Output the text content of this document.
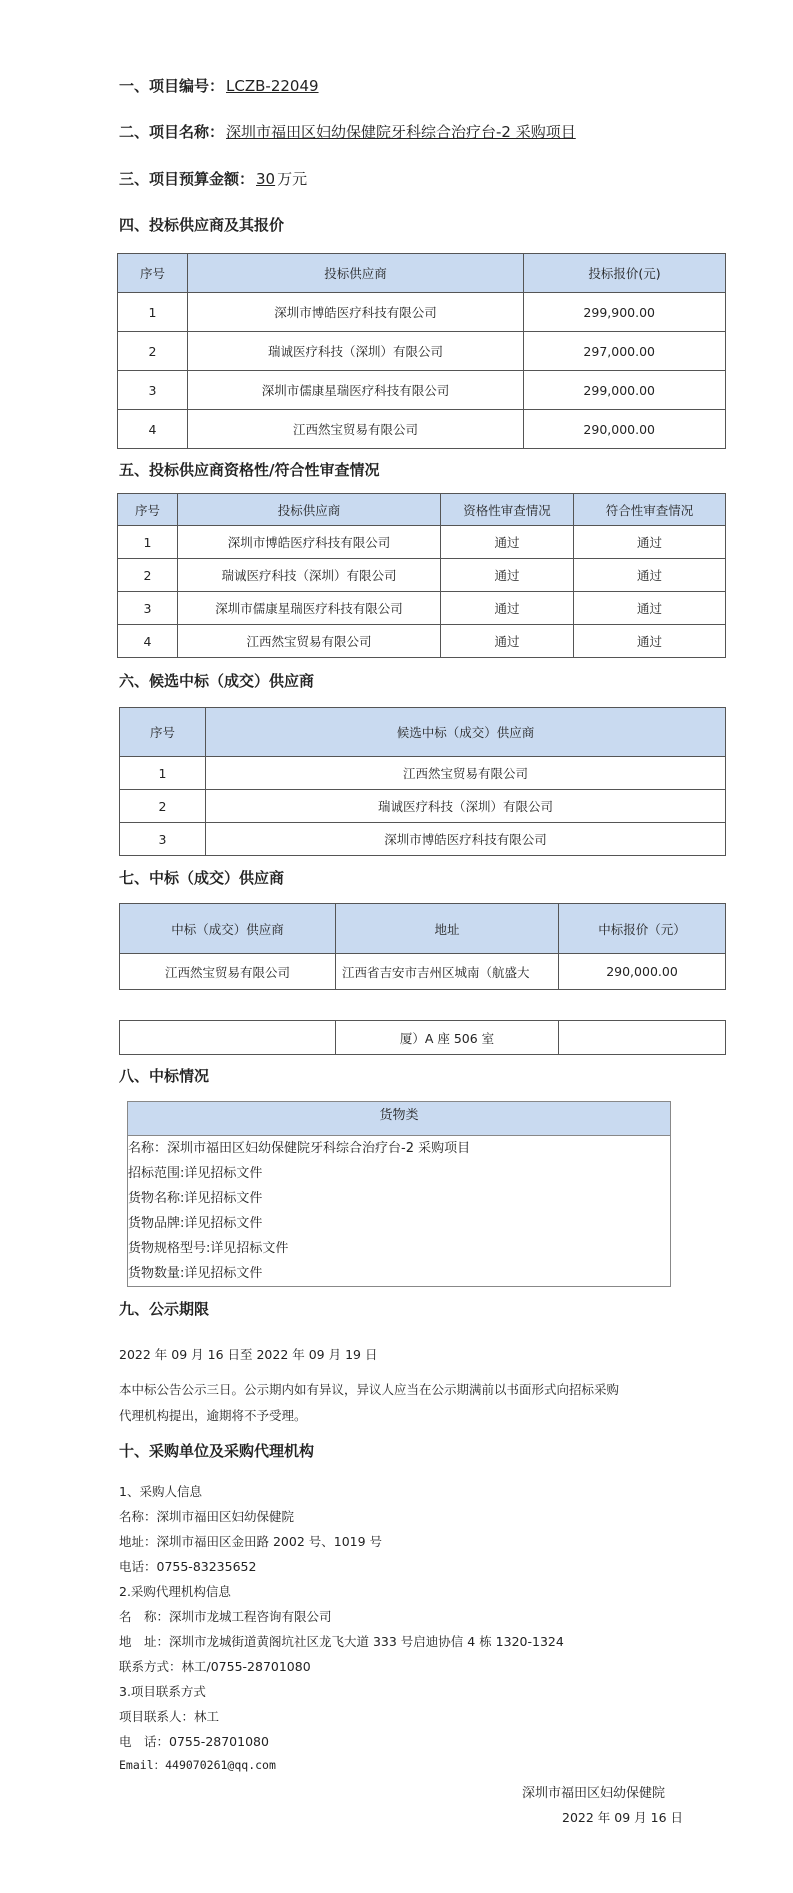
一、项目编号： LCZB-22049
二、项目名称： 深圳市福田区妇幼保健院牙科综合治疗台-2 采购项目
三、项目预算金额： 30 万元
四、投标供应商及其报价
序号	投标供应商	投标报价(元)
1	深圳市博皓医疗科技有限公司	299,900.00
2	瑞诚医疗科技（深圳）有限公司	297,000.00
3	深圳市儒康星瑞医疗科技有限公司	299,000.00
4	江西然宝贸易有限公司	290,000.00
五、投标供应商资格性/符合性审查情况
序号	投标供应商	资格性审查情况	符合性审查情况
1	深圳市博皓医疗科技有限公司	通过	通过
2	瑞诚医疗科技（深圳）有限公司	通过	通过
3	深圳市儒康星瑞医疗科技有限公司	通过	通过
4	江西然宝贸易有限公司	通过	通过
六、候选中标（成交）供应商
序号	候选中标（成交）供应商
1	江西然宝贸易有限公司
2	瑞诚医疗科技（深圳）有限公司
3	深圳市博皓医疗科技有限公司
七、中标（成交）供应商
中标（成交）供应商	地址	中标报价（元）
江西然宝贸易有限公司	江西省吉安市吉州区城南（航盛大	290,000.00
	厦）A 座 506 室	
八、中标情况
货物类
名称：深圳市福田区妇幼保健院牙科综合治疗台-2 采购项目
招标范围:详见招标文件
货物名称:详见招标文件
货物品牌:详见招标文件
货物规格型号:详见招标文件
货物数量:详见招标文件
九、公示期限
2022 年 09 月 16 日至 2022 年 09 月 19 日
本中标公告公示三日。公示期内如有异议，异议人应当在公示期满前以书面形式向招标采购
代理机构提出，逾期将不予受理。
十、采购单位及采购代理机构
1、采购人信息
名称：深圳市福田区妇幼保健院
地址：深圳市福田区金田路 2002 号、1019 号
电话：0755-83235652
2.采购代理机构信息
名　称：深圳市龙城工程咨询有限公司
地　址：深圳市龙城街道黄阁坑社区龙飞大道 333 号启迪协信 4 栋 1320-1324
联系方式：林工/0755-28701080
3.项目联系方式
项目联系人：林工
电　话：0755-28701080
Email：449070261@qq.com
深圳市福田区妇幼保健院
2022 年 09 月 16 日
